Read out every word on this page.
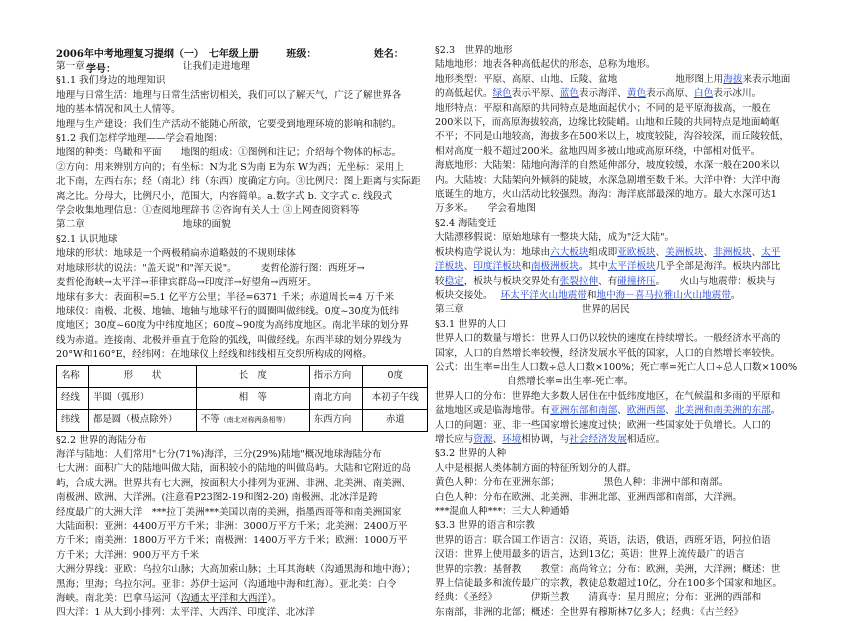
2006年中考地理复习提纲（一）　七年级上册	班级：	姓名： 学号：
第一章	让我们走进地理
§1.1 我们身边的地理知识
地理与日常生活：地理与日常生活密切相关，我们可以了解天气，广泛了解世界各
地的基本情况和风土人情等。
地理与生产建设：我们生产活动不能随心所欲，它要受到地理环境的影响和制约。
§1.2 我们怎样学地理——学会看地图：
地图的种类：鸟瞰和平面　　地图的组成：①图例和注记；介绍每个物体的标志。
②方向：用来辨别方向的；有坐标：N为北 S为南 E为东 W为西；无坐标：采用上
北下南，左西右东；经（南北）纬（东西）度确定方向。③比例尺：图上距离与实际距
离之比。分母大，比例尺小，范围大，内容简单。a.数字式 b. 文字式 c. 线段式
学会收集地理信息：①查阅地理辞书 ②咨询有关人士 ③上网查阅资料等
第二章	地球的面貌
§2.1 认识地球
地球的形状：地球是一个两极稍扁赤道略鼓的不规则球体
对地球形状的说法："盖天说"和"浑天说"。　　　麦哲伦游行图：西班牙→
麦哲伦海峡→太平洋→菲律宾群岛→印度洋→好望角→西班牙。
地球有多大：表面积=5.1 亿平方公里；半径=6371 千米；赤道周长=4 万千米
地球仪：南极、北极、地轴、地轴与地球平行的圆圈叫做纬线。0度~30度为低纬
度地区；30度~60度为中纬度地区；60度~90度为高纬度地区。南北半球的划分界
线为赤道。连接南、北极并垂直于危险的弧线，叫做经线。东西半球的划分界线为
20°W和160°E，经纬网：在地球仪上经线和纬线相互交织所构成的网格。
名称	形　　状	长　度	指示方向	0度
经线	半圆（弧形）	相　等	南北方向	本初子午线
纬线	都是圆（极点除外）	不等（南北对称两条相等）	东西方向	赤道
§2.2 世界的海陆分布
海洋与陆地：人们常用"七分(71%)海洋，三分(29%)陆地"概况地球海陆分布
七大洲：面积广大的陆地叫做大陆，面积较小的陆地的叫做岛屿。大陆和它附近的岛
屿，合成大洲。世界共有七大洲，按面积大小排列为亚洲、非洲、北美洲、南美洲、
南极洲、欧洲、大洋洲。(注意看P23图2-19和图2-20) 南极洲、北冰洋是跨
经度最广的大洲大洋　***拉丁美洲***美国以南的美洲，指墨西哥等和南美洲国家
大陆面积：亚洲：4400万平方千米；非洲：3000万平方千米；北美洲：2400万平
方千米；南美洲：1800万平方千米；南极洲：1400万平方千米；欧洲：1000万平
方千米；大洋洲：900万平方千米
大洲分界线：亚欧：乌拉尔山脉；大高加索山脉；土耳其海峡（沟通黑海和地中海）；
黑海；里海；乌拉尔河。亚非：苏伊士运河（沟通地中海和红海）。亚北美：白令
海峡。南北美：巴拿马运河（沟通太平洋和大西洋）。
四大洋：1 从大到小排列：太平洋、大西洋、印度洋、北冰洋
§2.3　世界的地形
陆地地形：地表各种高低起伏的形态，总称为地形。
地形类型：平原、高原、山地、丘陵、盆地	地形图上用海拔来表示地面
的高低起伏。绿色表示平原、蓝色表示海洋、黄色表示高原、白色表示冰川。
地形特点：平原和高原的共同特点是地面起伏小；不同的是平原海拔高，一般在
200米以下，而高原海拔较高，边缘比较陡峭。山地和丘陵的共同特点是地面崎岖
不平；不同是山地较高，海拔多在500米以上，坡度较陡，沟谷较深，而丘陵较低，
相对高度一般不超过200米。盆地四周多被山地或高原环绕，中部相对低平。
海底地形：大陆架：陆地向海洋的自然延伸部分，坡度较缓，水深一般在200米以
内。大陆坡：大陆架向外倾斜的陡坡，水深急剧增至数千米。大洋中脊：大洋中海
底诞生的地方，火山活动比较强烈。海沟：海洋底部最深的地方。最大水深可达1
万多米。　　学会看地图
§2.4 海陆变迁
大陆漂移假说：原始地球有一整块大陆，成为"泛大陆"。
板块构造学说认为：地球由六大板块组成即亚欧板块、美洲板块、非洲板块、太平
洋板块、印度洋板块和南极洲板块。其中太平洋板块几乎全部是海洋。板块内部比
较稳定，板块与板块交界处有张裂拉伸、有碰撞挤压。　　火山与地震带：板块与
板块交接处。 环太平洋火山地震带和地中海－喜马拉雅山火山地震带。
第三章	世界的居民
§3.1 世界的人口
世界人口的数量与增长：世界人口仍以较快的速度在持续增长。一般经济水平高的
国家，人口的自然增长率较慢，经济发展水平低的国家，人口的自然增长率较快。
公式：出生率=出生人口数÷总人口数×100%；死亡率=死亡人口÷总人口数×100%
自然增长率=出生率-死亡率。
世界人口的分布：世界绝大多数人居住在中低纬度地区，在气候温和多雨的平原和
盆地地区或是临海地带。有亚洲东部和南部、欧洲西部、北美洲和南美洲的东部。
人口的问题：亚、非一些国家增长速度过快；欧洲一些国家处于负增长。人口的
增长应与资源、环境相协调，与社会经济发展相适应。
§3.2 世界的人种
人中是根据人类体制方面的特征所划分的人群。
黄色人种：分布在亚洲东部；	黑色人种：非洲中部和南部。
白色人种：分布在欧洲、北美洲、非洲北部、亚洲西部和南部，大洋洲。
***混血人种***：三大人种通婚
§3.3 世界的语言和宗教
世界的语言：联合国工作语言：汉语，英语，法语，俄语，西班牙语，阿拉伯语
汉语：世界上使用最多的语言，达到13亿；英语：世界上流传最广的语言
世界的宗教：基督教　　教堂：高尚耸立；分布：欧洲，美洲，大洋洲；概述：世
界上信徒最多和流传最广的宗教，教徒总数超过10亿，分在100多个国家和地区。
经典：《圣经》　　　　伊斯兰教　　清真寺：星月照应；分布：亚洲的西部和
东南部，非洲的北部；概述：全世界有穆斯林7亿多人；经典：《古兰经》
